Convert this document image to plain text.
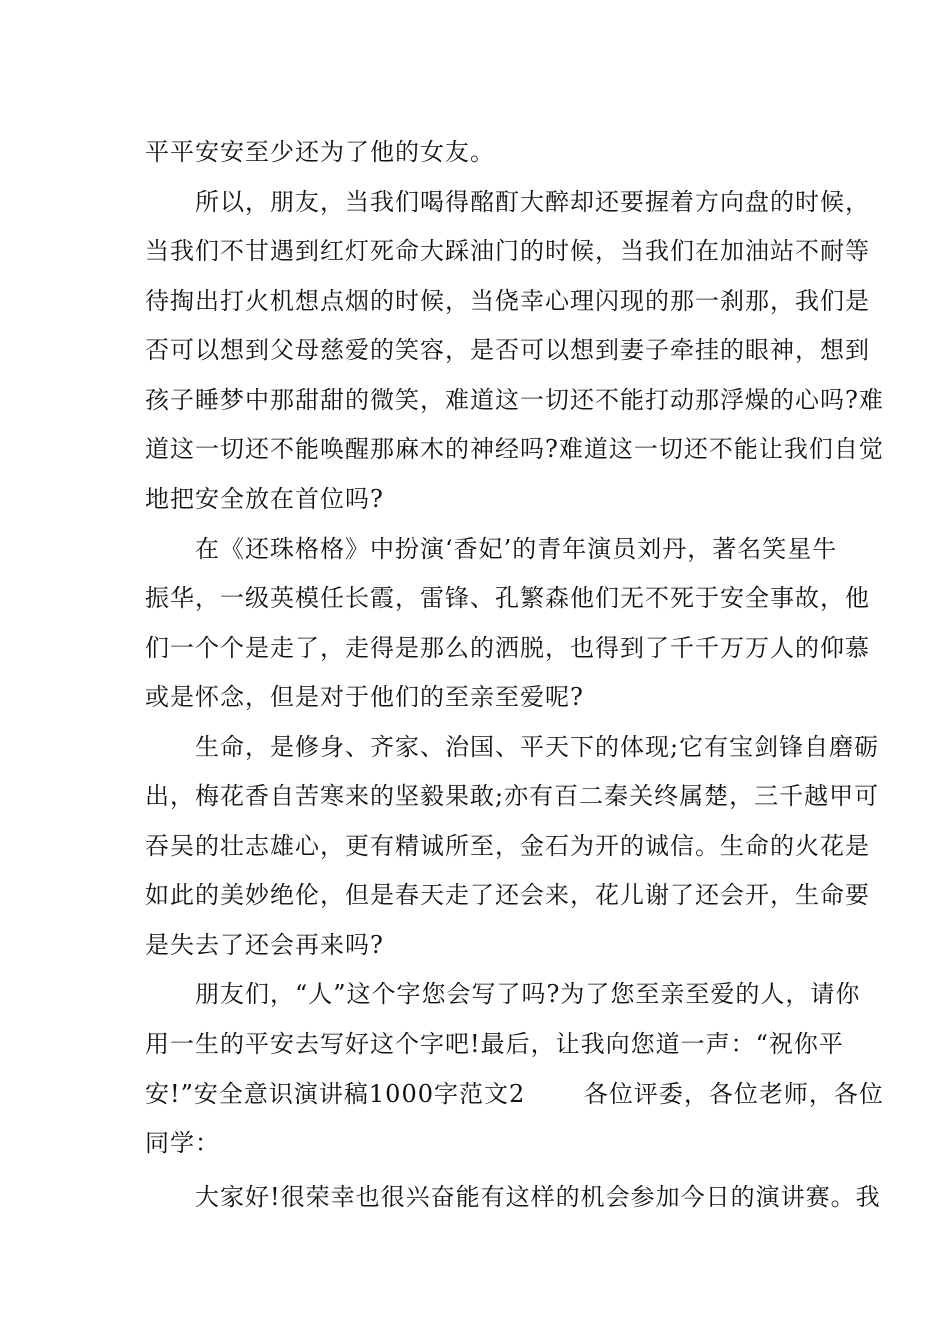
平平安安至少还为了他的女友。
　　所以，朋友，当我们喝得酩酊大醉却还要握着方向盘的时候，
当我们不甘遇到红灯死命大踩油门的时候，当我们在加油站不耐等
待掏出打火机想点烟的时候，当侥幸心理闪现的那一刹那，我们是
否可以想到父母慈爱的笑容，是否可以想到妻子牵挂的眼神，想到
孩子睡梦中那甜甜的微笑，难道这一切还不能打动那浮燥的心吗?难
道这一切还不能唤醒那麻木的神经吗?难道这一切还不能让我们自觉
地把安全放在首位吗?
　　在《还珠格格》中扮演‘香妃’的青年演员刘丹，著名笑星牛
振华，一级英模任长霞，雷锋、孔繁森他们无不死于安全事故，他
们一个个是走了，走得是那么的洒脱，也得到了千千万万人的仰慕
或是怀念，但是对于他们的至亲至爱呢?
　　生命，是修身、齐家、治国、平天下的体现;它有宝剑锋自磨砺
出，梅花香自苦寒来的坚毅果敢;亦有百二秦关终属楚，三千越甲可
吞吴的壮志雄心，更有精诚所至，金石为开的诚信。生命的火花是
如此的美妙绝伦，但是春天走了还会来，花儿谢了还会开，生命要
是失去了还会再来吗?
　　朋友们，“人”这个字您会写了吗?为了您至亲至爱的人，请你
用一生的平安去写好这个字吧!最后，让我向您道一声：“祝你平
安!”安全意识演讲稿1000字范文2　　 各位评委，各位老师，各位
同学：
　　大家好!很荣幸也很兴奋能有这样的机会参加今日的演讲赛。我
